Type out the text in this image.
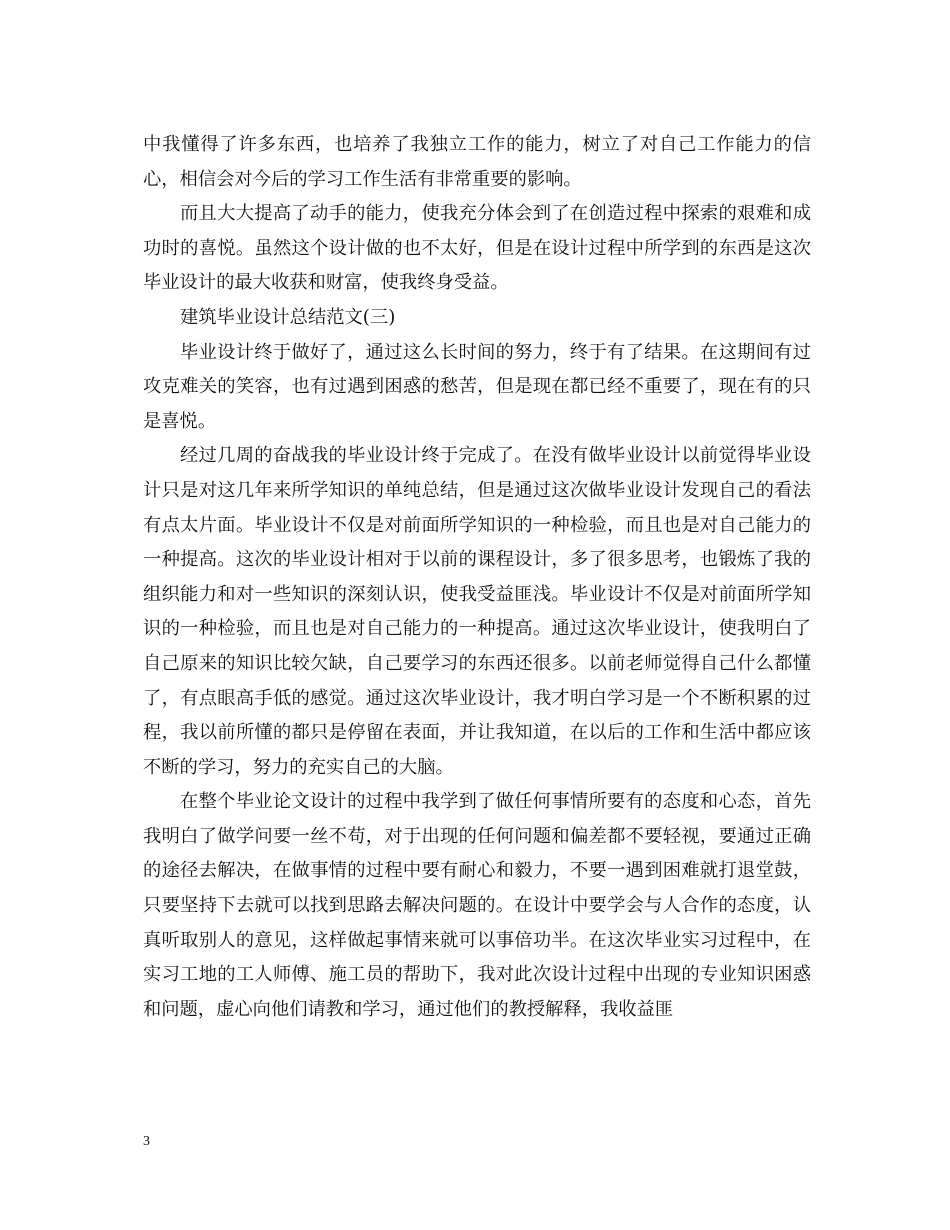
中我懂得了许多东西，也培养了我独立工作的能力，树立了对自己工作能力的信心，相信会对今后的学习工作生活有非常重要的影响。

而且大大提高了动手的能力，使我充分体会到了在创造过程中探索的艰难和成功时的喜悦。虽然这个设计做的也不太好，但是在设计过程中所学到的东西是这次毕业设计的最大收获和财富，使我终身受益。

建筑毕业设计总结范文(三)

毕业设计终于做好了，通过这么长时间的努力，终于有了结果。在这期间有过攻克难关的笑容，也有过遇到困惑的愁苦，但是现在都已经不重要了，现在有的只是喜悦。

经过几周的奋战我的毕业设计终于完成了。在没有做毕业设计以前觉得毕业设计只是对这几年来所学知识的单纯总结，但是通过这次做毕业设计发现自己的看法有点太片面。毕业设计不仅是对前面所学知识的一种检验，而且也是对自己能力的一种提高。这次的毕业设计相对于以前的课程设计，多了很多思考，也锻炼了我的组织能力和对一些知识的深刻认识，使我受益匪浅。毕业设计不仅是对前面所学知识的一种检验，而且也是对自己能力的一种提高。通过这次毕业设计，使我明白了自己原来的知识比较欠缺，自己要学习的东西还很多。以前老师觉得自己什么都懂了，有点眼高手低的感觉。通过这次毕业设计，我才明白学习是一个不断积累的过程，我以前所懂的都只是停留在表面，并让我知道，在以后的工作和生活中都应该不断的学习，努力的充实自己的大脑。

在整个毕业论文设计的过程中我学到了做任何事情所要有的态度和心态，首先我明白了做学问要一丝不苟，对于出现的任何问题和偏差都不要轻视，要通过正确的途径去解决，在做事情的过程中要有耐心和毅力，不要一遇到困难就打退堂鼓，只要坚持下去就可以找到思路去解决问题的。在设计中要学会与人合作的态度，认真听取别人的意见，这样做起事情来就可以事倍功半。在这次毕业实习过程中，在实习工地的工人师傅、施工员的帮助下，我对此次设计过程中出现的专业知识困惑和问题，虚心向他们请教和学习，通过他们的教授解释，我收益匪

3
